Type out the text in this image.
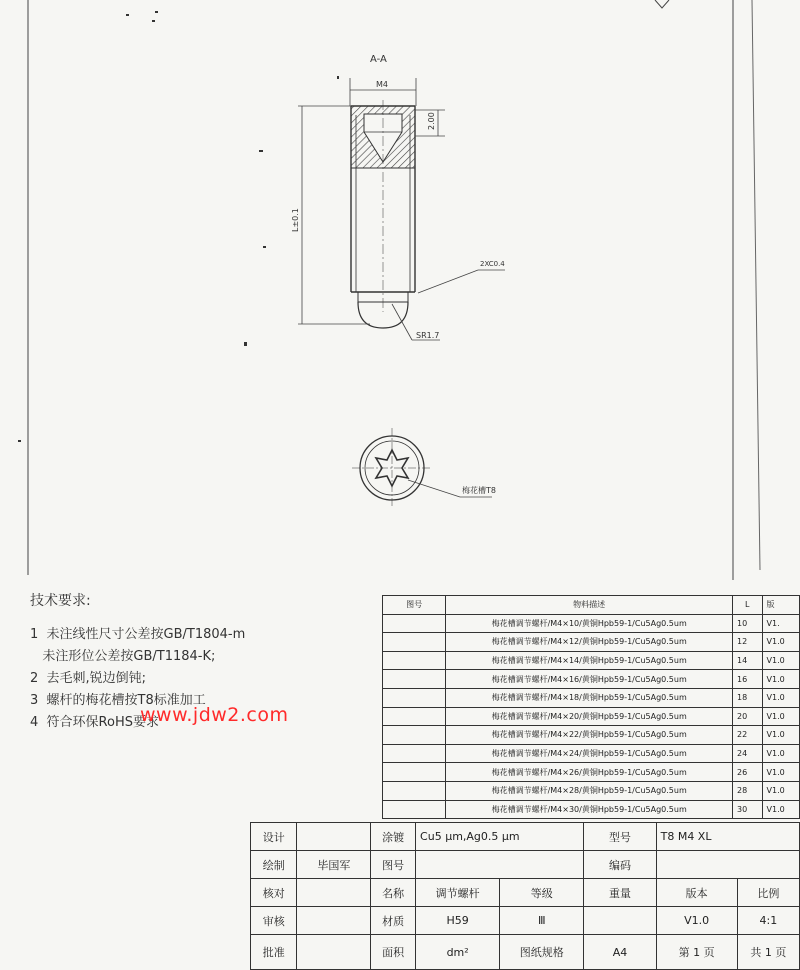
A-A
M4
2.00
L±0.1
2XC0.4
SR1.7
梅花槽T8
技术要求:
1  未注线性尺寸公差按GB/T1804-m
未注形位公差按GB/T1184-K;
2  去毛刺,锐边倒钝;
3  螺杆的梅花槽按T8标准加工
4  符合环保RoHS要求
www.jdw2.com
图号	物料描述	L	版
	梅花槽调节螺杆/M4×10/黄铜Hpb59-1/Cu5Ag0.5um	10	V1.
	梅花槽调节螺杆/M4×12/黄铜Hpb59-1/Cu5Ag0.5um	12	V1.0
	梅花槽调节螺杆/M4×14/黄铜Hpb59-1/Cu5Ag0.5um	14	V1.0
	梅花槽调节螺杆/M4×16/黄铜Hpb59-1/Cu5Ag0.5um	16	V1.0
	梅花槽调节螺杆/M4×18/黄铜Hpb59-1/Cu5Ag0.5um	18	V1.0
	梅花槽调节螺杆/M4×20/黄铜Hpb59-1/Cu5Ag0.5um	20	V1.0
	梅花槽调节螺杆/M4×22/黄铜Hpb59-1/Cu5Ag0.5um	22	V1.0
	梅花槽调节螺杆/M4×24/黄铜Hpb59-1/Cu5Ag0.5um	24	V1.0
	梅花槽调节螺杆/M4×26/黄铜Hpb59-1/Cu5Ag0.5um	26	V1.0
	梅花槽调节螺杆/M4×28/黄铜Hpb59-1/Cu5Ag0.5um	28	V1.0
	梅花槽调节螺杆/M4×30/黄铜Hpb59-1/Cu5Ag0.5um	30	V1.0
设计		涂镀	Cu5 μm,Ag0.5 μm		型号	T8 M4 XL	
绘制	毕国军	图号			编码		
核对		名称	调节螺杆	等级	重量	版本	比例
审核		材质	H59	Ⅲ		V1.0	4:1
批准		面积	dm²	图纸规格	A4	第 1 页	共 1 页
